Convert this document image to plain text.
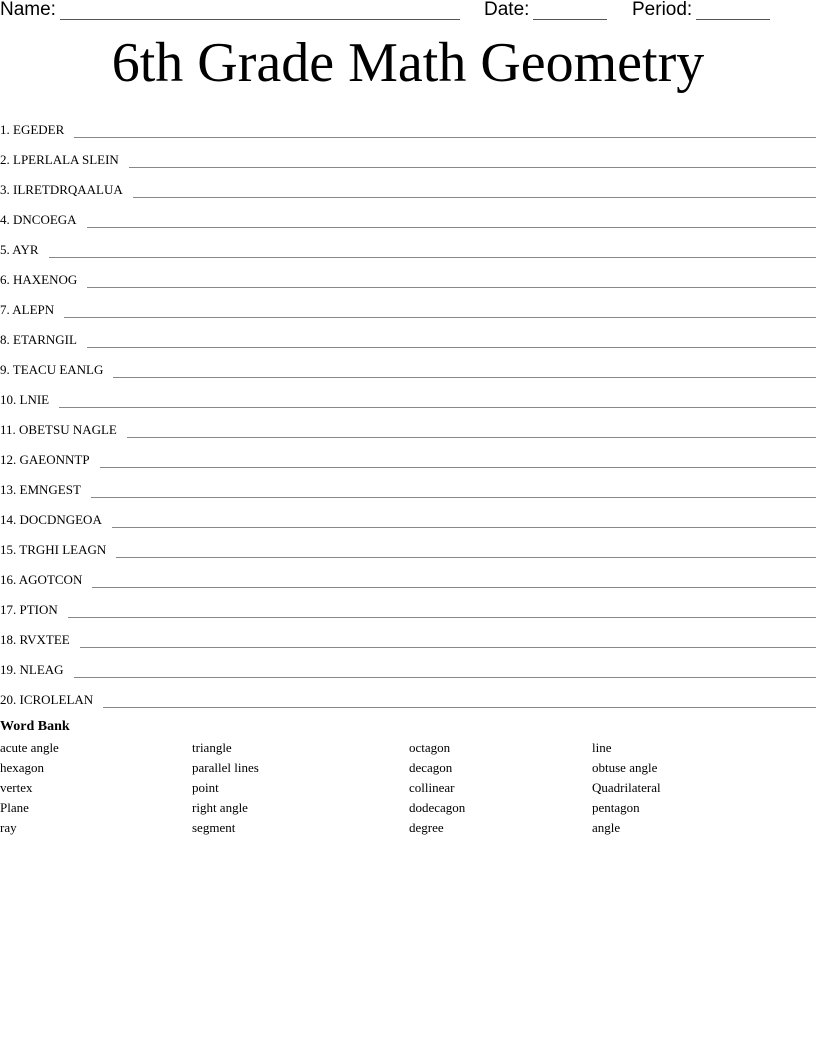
Name:	Date:	Period:
6th Grade Math Geometry
1. EGEDER
2. LPERLALA SLEIN
3. ILRETDRQAALUA
4. DNCOEGA
5. AYR
6. HAXENOG
7. ALEPN
8. ETARNGIL
9. TEACU EANLG
10. LNIE
11. OBETSU NAGLE
12. GAEONNTP
13. EMNGEST
14. DOCDNGEOA
15. TRGHI LEAGN
16. AGOTCON
17. PTION
18. RVXTEE
19. NLEAG
20. ICROLELAN
Word Bank
acute angle
hexagon
vertex
Plane
ray
triangle
parallel lines
point
right angle
segment
octagon
decagon
collinear
dodecagon
degree
line
obtuse angle
Quadrilateral
pentagon
angle
